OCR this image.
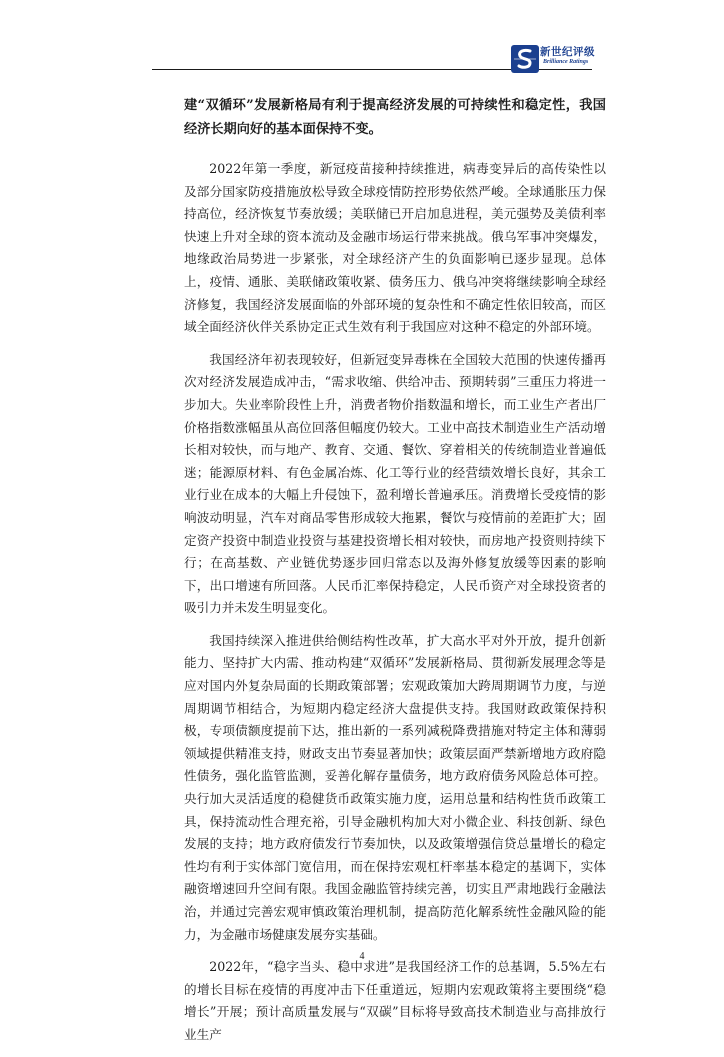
新世纪评级
Brilliance Ratings

建“双循环”发展新格局有利于提高经济发展的可持续性和稳定性，我国经济长期向好的基本面保持不变。

2022年第一季度，新冠疫苗接种持续推进，病毒变异后的高传染性以及部分国家防疫措施放松导致全球疫情防控形势依然严峻。全球通胀压力保持高位，经济恢复节奏放缓；美联储已开启加息进程，美元强势及美债利率快速上升对全球的资本流动及金融市场运行带来挑战。俄乌军事冲突爆发，地缘政治局势进一步紧张，对全球经济产生的负面影响已逐步显现。总体上，疫情、通胀、美联储政策收紧、债务压力、俄乌冲突将继续影响全球经济修复，我国经济发展面临的外部环境的复杂性和不确定性依旧较高，而区域全面经济伙伴关系协定正式生效有利于我国应对这种不稳定的外部环境。

我国经济年初表现较好，但新冠变异毒株在全国较大范围的快速传播再次对经济发展造成冲击，“需求收缩、供给冲击、预期转弱”三重压力将进一步加大。失业率阶段性上升，消费者物价指数温和增长，而工业生产者出厂价格指数涨幅虽从高位回落但幅度仍较大。工业中高技术制造业生产活动增长相对较快，而与地产、教育、交通、餐饮、穿着相关的传统制造业普遍低迷；能源原材料、有色金属冶炼、化工等行业的经营绩效增长良好，其余工业行业在成本的大幅上升侵蚀下，盈利增长普遍承压。消费增长受疫情的影响波动明显，汽车对商品零售形成较大拖累，餐饮与疫情前的差距扩大；固定资产投资中制造业投资与基建投资增长相对较快，而房地产投资则持续下行；在高基数、产业链优势逐步回归常态以及海外修复放缓等因素的影响下，出口增速有所回落。人民币汇率保持稳定，人民币资产对全球投资者的吸引力并未发生明显变化。

我国持续深入推进供给侧结构性改革，扩大高水平对外开放，提升创新能力、坚持扩大内需、推动构建“双循环”发展新格局、贯彻新发展理念等是应对国内外复杂局面的长期政策部署；宏观政策加大跨周期调节力度，与逆周期调节相结合，为短期内稳定经济大盘提供支持。我国财政政策保持积极，专项债额度提前下达，推出新的一系列减税降费措施对特定主体和薄弱领域提供精准支持，财政支出节奏显著加快；政策层面严禁新增地方政府隐性债务，强化监管监测，妥善化解存量债务，地方政府债务风险总体可控。央行加大灵活适度的稳健货币政策实施力度，运用总量和结构性货币政策工具，保持流动性合理充裕，引导金融机构加大对小微企业、科技创新、绿色发展的支持；地方政府债发行节奏加快，以及政策增强信贷总量增长的稳定性均有利于实体部门宽信用，而在保持宏观杠杆率基本稳定的基调下，实体融资增速回升空间有限。我国金融监管持续完善，切实且严肃地践行金融法治，并通过完善宏观审慎政策治理机制，提高防范化解系统性金融风险的能力，为金融市场健康发展夯实基础。

2022年，“稳字当头、稳中求进”是我国经济工作的总基调，5.5%左右的增长目标在疫情的再度冲击下任重道远，短期内宏观政策将主要围绕“稳增长”开展；预计高质量发展与“双碳”目标将导致高技术制造业与高排放行业生产

4
